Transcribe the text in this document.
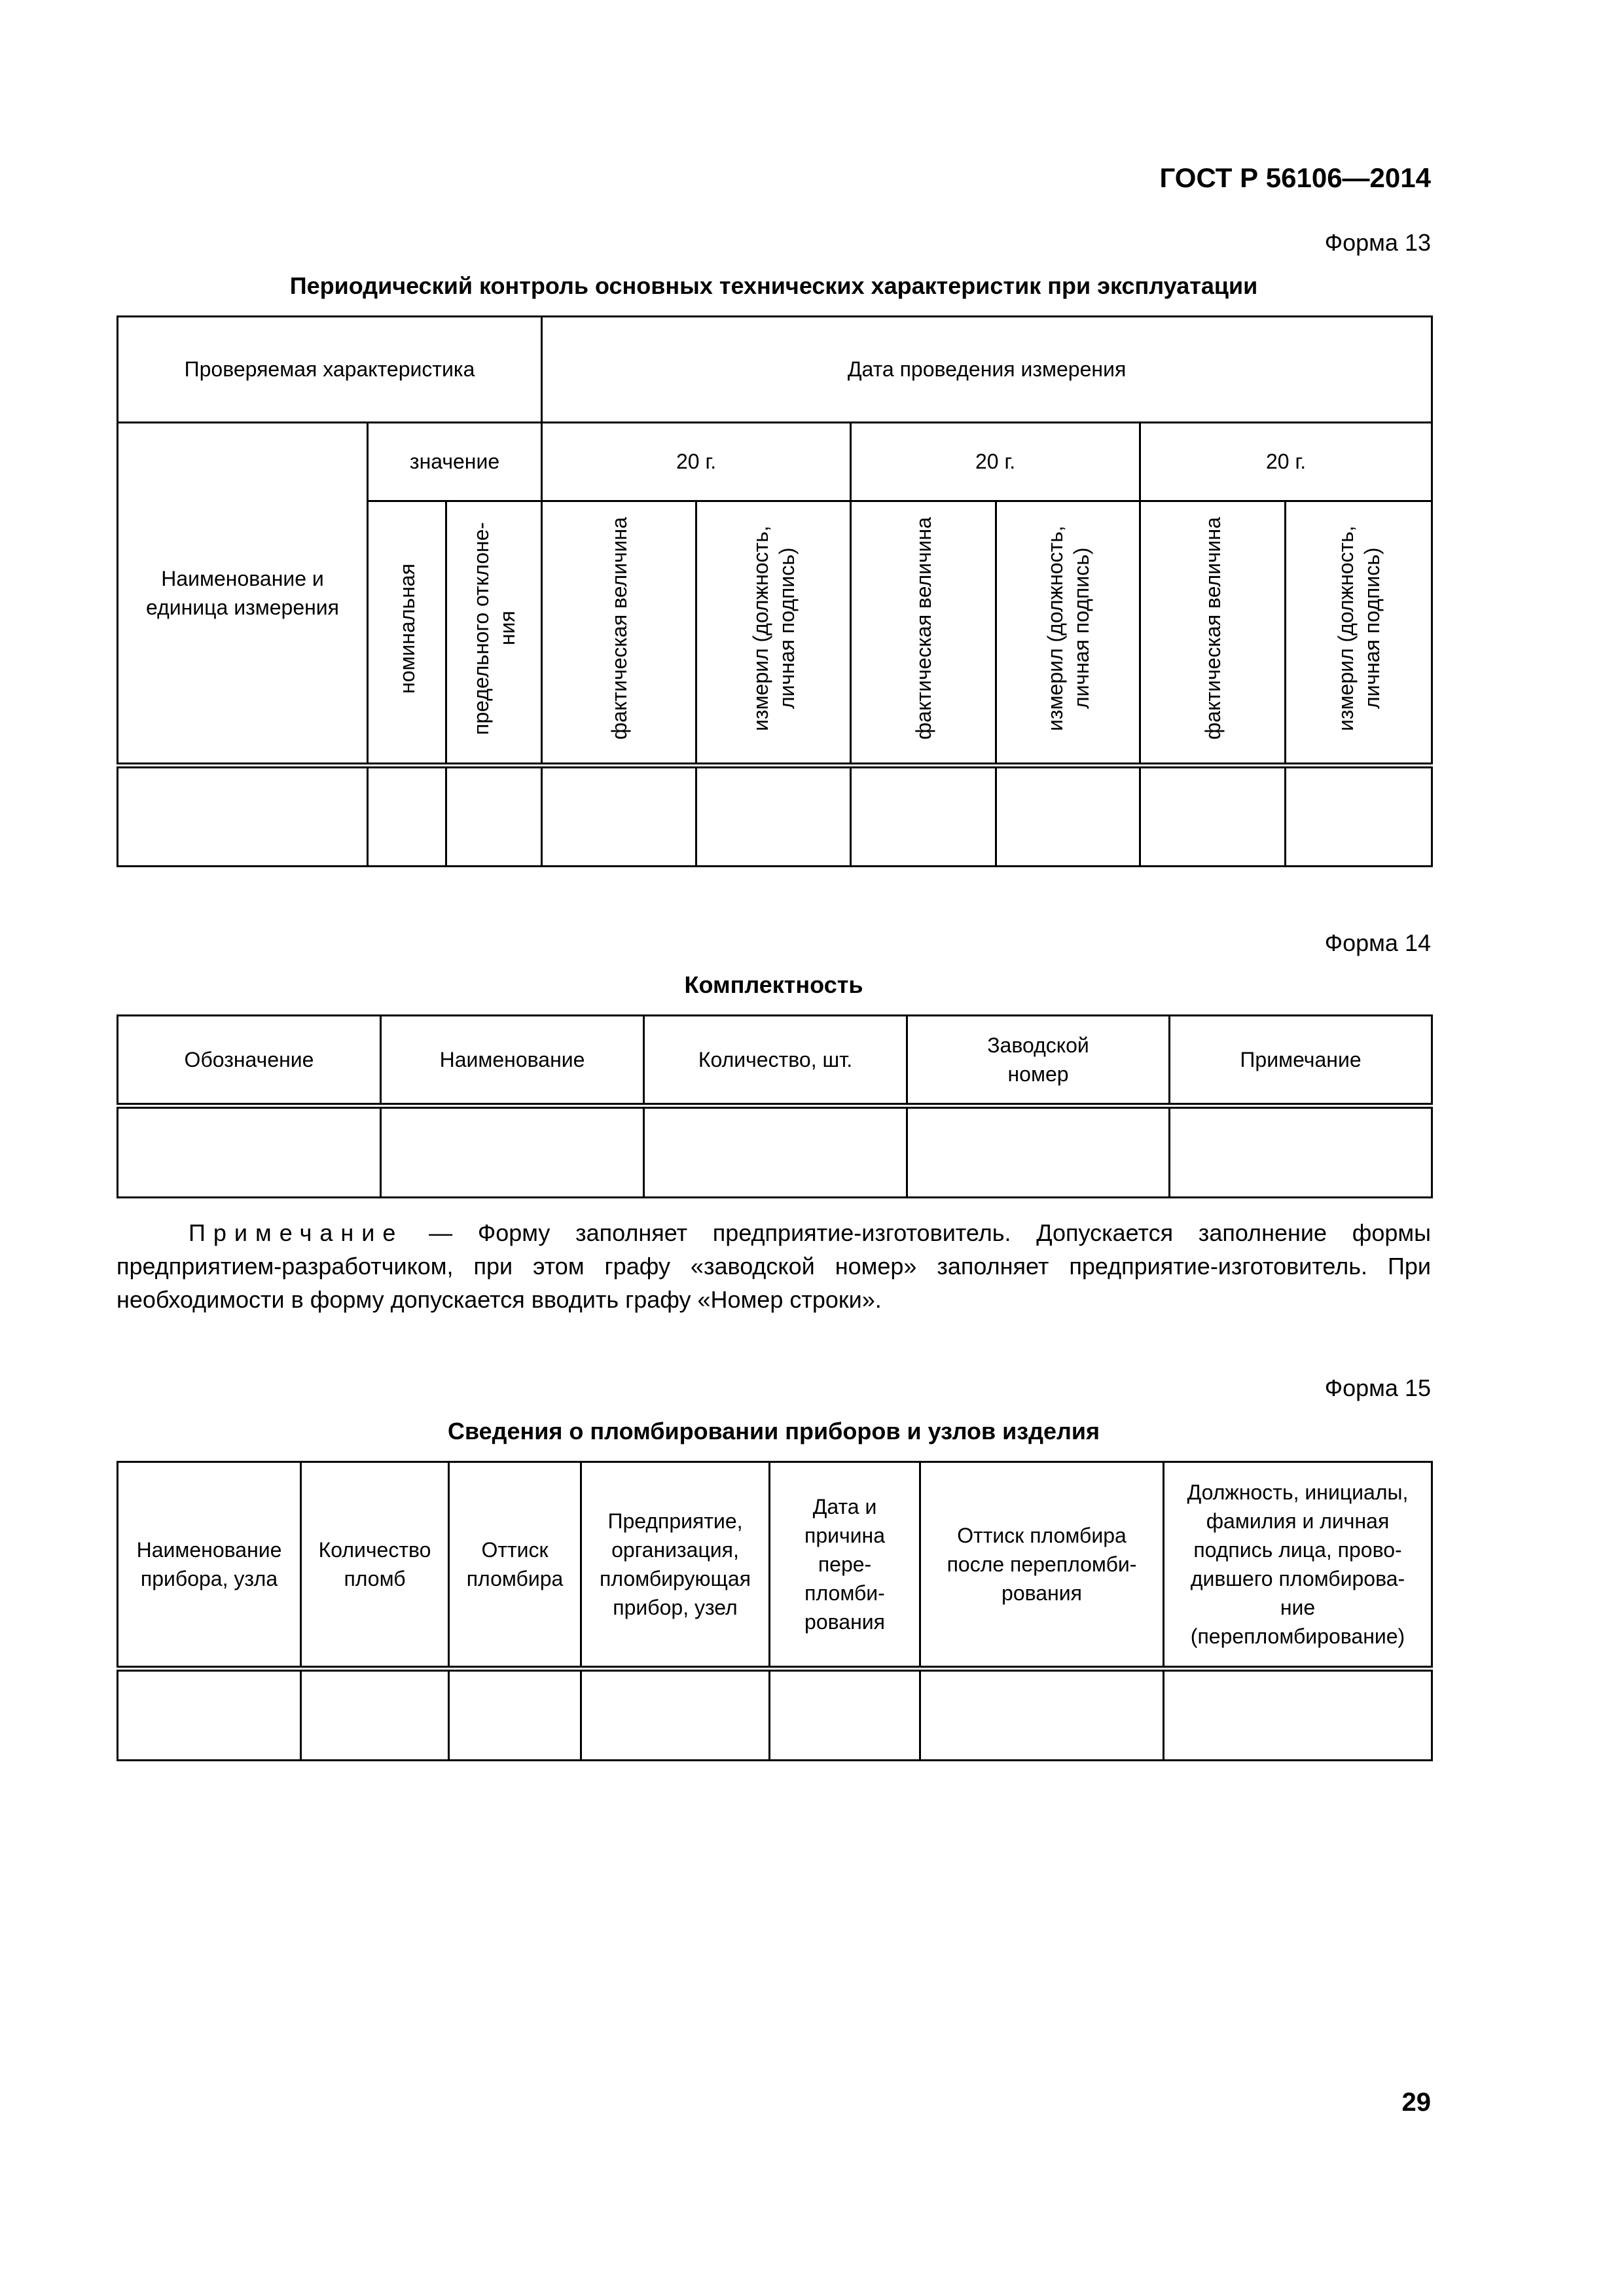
ГОСТ Р 56106—2014
Форма 13
Периодический контроль основных технических характеристик при эксплуатации
Проверяемая характеристика			Дата проведения измерения					
Наименование и единица измерения	значение		20 г.		20 г.		20 г.	
	номинальная	предельного отклоне-ния	фактическая величина	измерил (должность, личная подпись)	фактическая величина	измерил (должность, личная подпись)	фактическая величина	измерил (должность, личная подпись)

Форма 14
Комплектность
Обозначение	Наименование	Количество, шт.	Заводской номер	Примечание

Примечание — Форму заполняет предприятие-изготовитель. Допускается заполнение формы предприятием-разработчиком, при этом графу «заводской номер» заполняет предприятие-изготовитель. При необходимости в форму допускается вводить графу «Номер строки».
Форма 15
Сведения о пломбировании приборов и узлов изделия
Наименование прибора, узла	Количество пломб	Оттиск пломбира	Предприятие, организация, пломбирующая прибор, узел	Дата и причина пере-пломби-рования	Оттиск пломбира после перепломби-рования	Должность, инициалы, фамилия и личная подпись лица, прово-дившего пломбирова-ние (перепломбирование)

29
